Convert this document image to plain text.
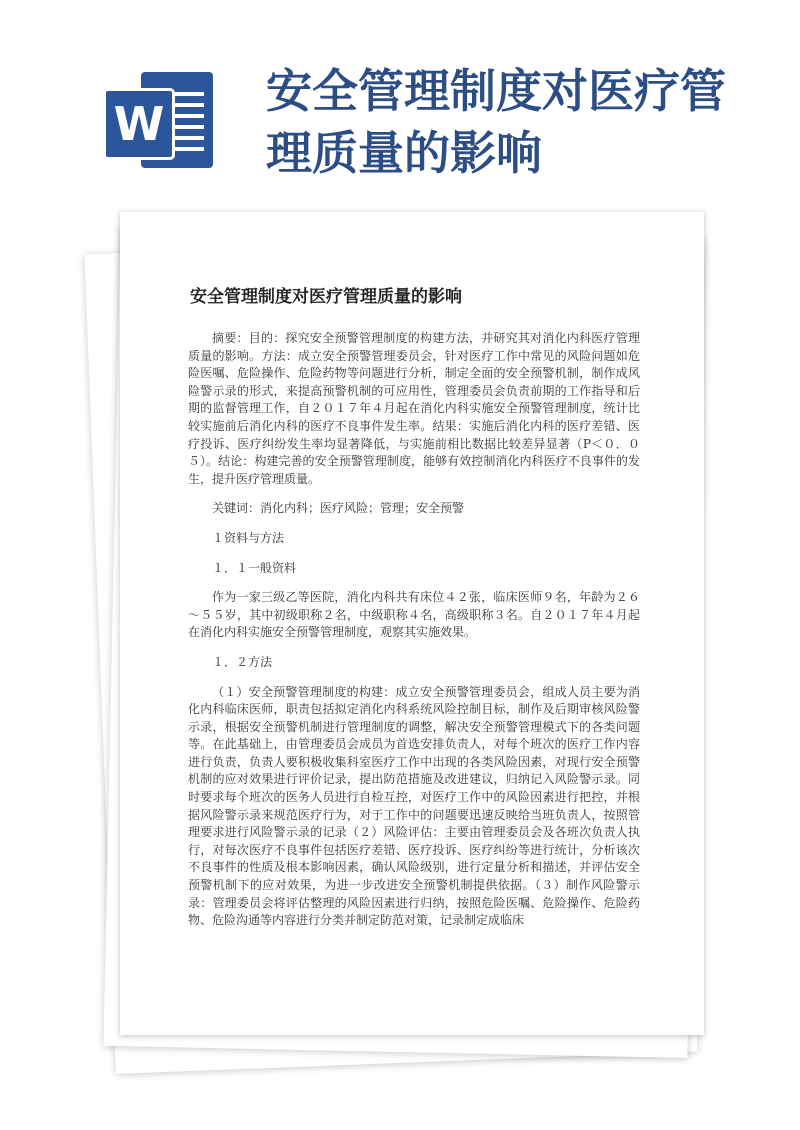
W
安全管理制度对医疗管理质量的影响
安全管理制度对医疗管理质量的影响

摘要：目的：探究安全预警管理制度的构建方法，并研究其对消化内科医疗管理质量的影响。方法：成立安全预警管理委员会，针对医疗工作中常见的风险问题如危险医嘱、危险操作、危险药物等问题进行分析，制定全面的安全预警机制，制作成风险警示录的形式，来提高预警机制的可应用性，管理委员会负责前期的工作指导和后期的监督管理工作，自２０１７年４月起在消化内科实施安全预警管理制度，统计比较实施前后消化内科的医疗不良事件发生率。结果：实施后消化内科的医疗差错、医疗投诉、医疗纠纷发生率均显著降低，与实施前相比数据比较差异显著（P＜０．０５）。结论：构建完善的安全预警管理制度，能够有效控制消化内科医疗不良事件的发生，提升医疗管理质量。

关键词：消化内科；医疗风险；管理；安全预警

１资料与方法

１．１一般资料

作为一家三级乙等医院，消化内科共有床位４２张，临床医师９名，年龄为２６～５５岁，其中初级职称２名，中级职称４名，高级职称３名。自２０１７年４月起在消化内科实施安全预警管理制度，观察其实施效果。

１．２方法

（１）安全预警管理制度的构建：成立安全预警管理委员会，组成人员主要为消化内科临床医师，职责包括拟定消化内科系统风险控制目标，制作及后期审核风险警示录，根据安全预警机制进行管理制度的调整，解决安全预警管理模式下的各类问题等。在此基础上，由管理委员会成员为首选安排负责人，对每个班次的医疗工作内容进行负责，负责人要积极收集科室医疗工作中出现的各类风险因素，对现行安全预警机制的应对效果进行评价记录，提出防范措施及改进建议，归纳记入风险警示录。同时要求每个班次的医务人员进行自检互控，对医疗工作中的风险因素进行把控，并根据风险警示录来规范医疗行为，对于工作中的问题要迅速反映给当班负责人，按照管理要求进行风险警示录的记录（２）风险评估：主要由管理委员会及各班次负责人执行，对每次医疗不良事件包括医疗差错、医疗投诉、医疗纠纷等进行统计，分析该次不良事件的性质及根本影响因素，确认风险级别，进行定量分析和描述，并评估安全预警机制下的应对效果，为进一步改进安全预警机制提供依据。（３）制作风险警示录：管理委员会将评估整理的风险因素进行归纳，按照危险医嘱、危险操作、危险药物、危险沟通等内容进行分类并制定防范对策，记录制定成临床
